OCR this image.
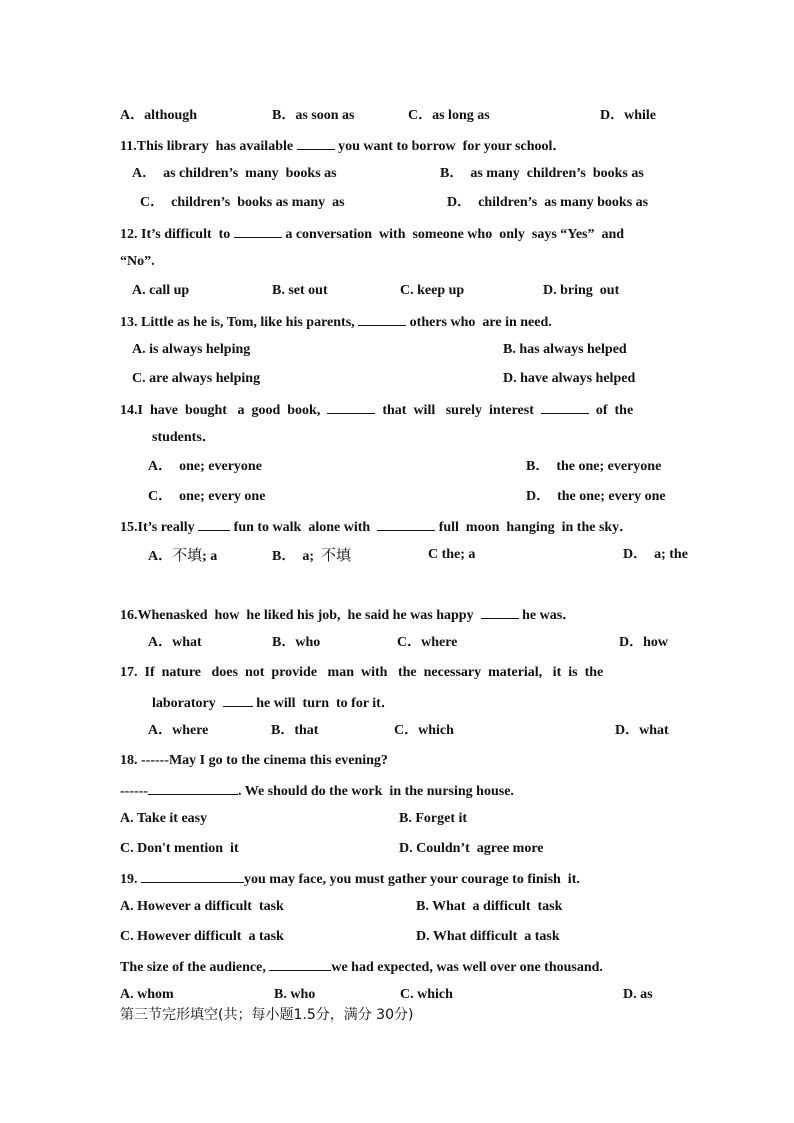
A．although	B．as soon as	C．as long as	D．while
11.This library  has available	you want to borrow  for your school．
A．  as children’s  many  books as	B．  as many  children’s  books as
C．  children’s  books as many  as	D．  children’s  as many books as
12. It’s difficult  to	a conversation  with  someone who  only  says “Yes”  and
“No”.
A. call up	B. set out	C. keep up	D. bring  out
13. Little as he is, Tom, like his parents,	others who  are in need.
A. is always helping	B. has always helped
C. are always helping	D. have always helped
14.I  have  bought   a  good  book,	that  will   surely  interest	of  the
students．
A．  one; everyone	B．  the one; everyone
C．  one; every one	D．  the one; every one
15.It’s really  fun to walk  alone with	full  moon  hanging  in the sky．
A．不填; a	B．  a;  不填	C the; a	D．  a; the
16.Whenasked  how  he liked his job,  he said he was happy	he was．
A．what	B．who	C．where	D．how
17.  If  nature   does  not  provide   man  with   the  necessary  material,   it  is  the
laboratory   he will  turn  to for it．
A．where	B．that	C．which	D．what
18. ------May I go to the cinema this evening?
------	. We should do the work  in the nursing house.
A. Take it easy	B. Forget it
C. Don't mention  it	D. Couldn’t  agree more
19.	you may face, you must gather your courage to finish  it.
A. However a difficult  task	B. What  a difficult  task
C. However difficult  a task	D. What difficult  a task
The size of the audience,	we had expected, was well over one thousand.
A. whom	B. who	C. which	D. as
第三节完形填空(共；每小题1.5分，满分 30分)
